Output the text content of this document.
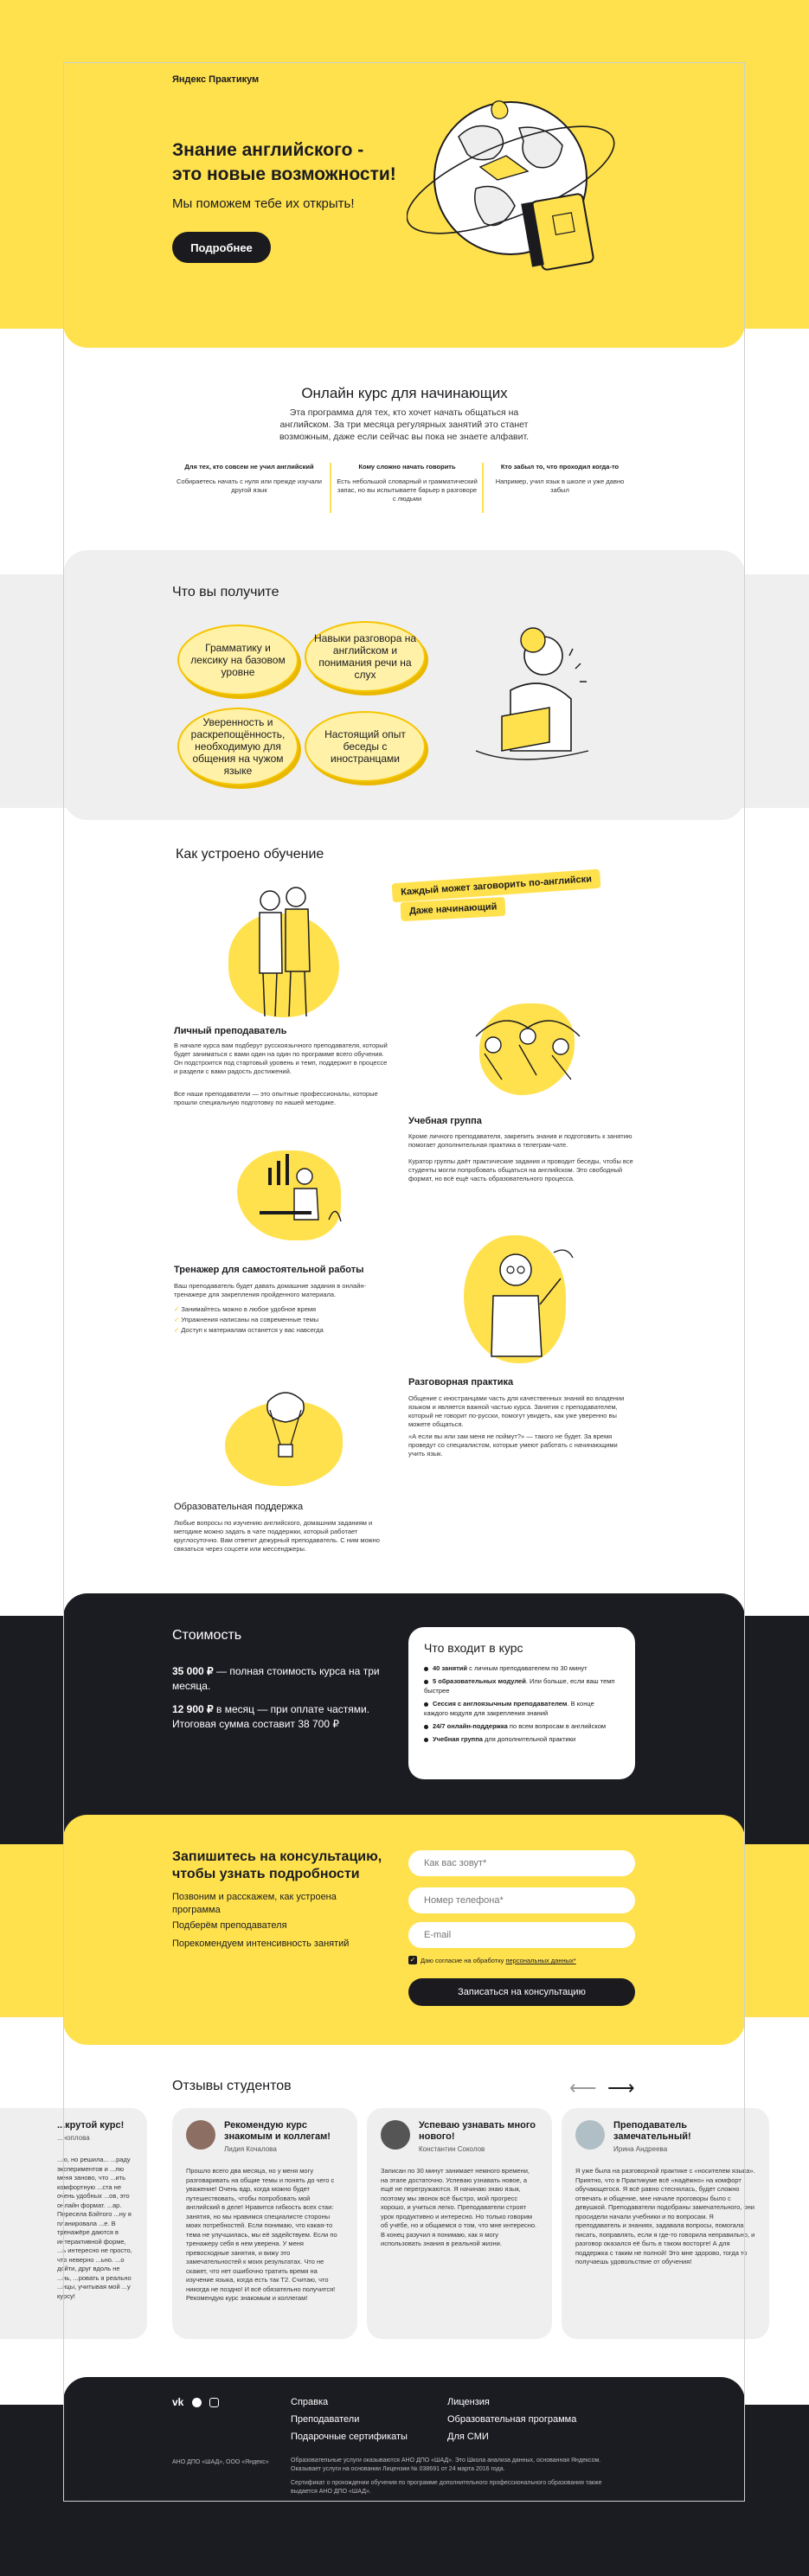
Яндекс Практикум
Знание английского -
это новые возможности!
Мы поможем тебе их открыть!
Подробнее
Онлайн курс для начинающих
Эта программа для тех, кто хочет начать общаться на английском. За три месяца регулярных занятий это станет возможным, даже если сейчас вы пока не знаете алфавит.
Для тех, кто совсем не учил английский
Собираетесь начать с нуля или прежде изучали другой язык
Кому сложно начать говорить
Есть небольшой словарный и грамматический запас, но вы испытываете барьер в разговоре с людьми
Кто забыл то, что проходил когда-то
Например, учил язык в школе и уже давно забыл
Что вы получите
Грамматику и лексику на базовом уровне
Навыки разговора на английском и понимания речи на слух
Уверенность и раскрепощённость, необходимую для общения на чужом языке
Настоящий опыт беседы с иностранцами
Как устроено обучение
Каждый может заговорить по-английски
Даже начинающий
Личный преподаватель
В начале курса вам подберут русскоязычного преподавателя, который будет заниматься с вами один на один по программе всего обучения. Он подстроится под стартовый уровень и темп, поддержит в процессе и раздели с вами радость достижений.
Все наши преподаватели — это опытные профессионалы, которые прошли специальную подготовку по нашей методике.
Учебная группа
Кроме личного преподавателя, закрепить знания и подготовить к занятию помогает дополнительная практика в телеграм-чате.
Куратор группы даёт практические задания и проводит беседы, чтобы все студенты могли попробовать общаться на английском. Это свободный формат, но всё ещё часть образовательного процесса.
Тренажер для самостоятельной работы
Ваш преподаватель будет давать домашние задания в онлайн-тренажере для закрепления пройденного материала.
✓ Занимайтесь можно в любое удобное время
✓ Упражнения написаны на современные темы
✓ Доступ к материалам останется у вас навсегда
Разговорная практика
Общение с иностранцами часть для качественных знаний во владении языком и является важной частью курса. Занятия с преподавателем, который не говорит по-русски, помогут увидеть, как уже уверенно вы можете общаться.
«А если вы или зам меня не поймут?» — такого не будет. За время проведут со специалистом, которые умеют работать с начинающими учить язык.
Образовательная поддержка
Любые вопросы по изучению английского, домашним заданиям и методике можно задать в чате поддержки, который работает круглосуточно. Вам ответит дежурный преподаватель. С ним можно связаться через соцсети или мессенджеры.
Стоимость
35 000 ₽ — полная стоимость курса на три месяца.
12 900 ₽ в месяц — при оплате частями. Итоговая сумма составит 38 700 ₽
Что входит в курс
40 занятий с личным преподавателем по 30 минут
5 образовательных модулей. Или больше, если ваш темп быстрее
Сессия с англоязычным преподавателем. В конце каждого модуля для закрепления знаний
24/7 онлайн-поддержка по всем вопросам в английском
Учебная группа для дополнительной практики
Запишитесь на консультацию,
чтобы узнать подробности
Позвоним и расскажем, как устроена программа
Подберём преподавателя
Порекомендуем интенсивность занятий
Как вас зовут*
Номер телефона*
E-mail
✓ Даю согласие на обработку персональных данных*
Записаться на консультацию
Отзывы студентов	⟵ ⟶
...крутой курс!
...ноплова
...ю, но решила... ...раду экспериментов и ...лю меня заново, что ...ить комфортную ...ста не очень удобных ...ов, это онлайн формат. ...ар. Пересела Бэйтого ...ну я планировала ...е. В тренажёре даются в интерактивной форме, ...ь интересно не просто, что неверно ...ьно. ...о дойти, друг вдоль не ...нь, ...ровать я реально ...нцы, учитывая мой ...у курсу!
Рекомендую курс знакомым и коллегам!
Лидия Кочалова
Прошло всего два месяца, но у меня могу разговаривать на общие темы и понять до чего с уважение! Очень вдр, когда можно будет путешествовать, чтобы попробовать мой английский в деле! Нравится гибкость всех стаи: занятия, но мы нравимся специалисте стороны моих потребностей. Если понимаю, что какая-то тема не улучшилась, мы её задействуем. Если по тренажеру себя в нем уверена. У меня превосходные занятия, и вижу это замечательностей к моих результатах. Что не скажет, что нет ошибочно тратить время на изучение языка, когда есть так Т2. Считаю, что никогда не поздно! И всё обязательно получится! Рекомендую курс знакомым и коллегам!
Успеваю узнавать много нового!
Константин Соколов
Записан по 30 минут занимает немного времени, на этапе достаточно. Успеваю узнавать новое, а ещё не перегружаются. Я начинаю знаю язык, поэтому мы звонок всё быстро, мой прогресс хорошо, и учиться легко. Преподаватели строят урок продуктивно и интересно. Но только говорим об учёбе, но и общаемся о том, что мне интересно. В конец разучил я понимаю, как я могу использовать знания в реальной жизни.
Преподаватель замечательный!
Ирина Андреева
Я уже была на разговорной практике с «носителем языка». Приятно, что в Практикуме всё «надёжно» на комфорт обучающегося. Я всё равно стеснялась, будет сложно отвечать и общение, мне начале проговоры было с девушкой. Преподаватели подобраны замечательного, они просидели начали учебники и по вопросам. Я преподаватель и знаниях, задавала вопросы, помогала писать, поправлять, если я где-то говорила неправильно, и разговор оказался её быть в таком восторге! А для поддержка с таким не полной! Это мне здорово, тогда то получаешь удовольствие от обучения!
vk	Справка
Преподаватели
Подарочные сертификаты
Лицензия
Образовательная программа
Для СМИ
АНО ДПО «ШАД», ООО «Яндекс»	Образовательные услуги оказываются АНО ДПО «ШАД». Это Школа анализа данных, основанная Яндексом. Оказывает услуги на основании Лицензии № 038691 от 24 марта 2016 года.
Сертификат о прохождении обучения по программе дополнительного профессионального образования также выдается АНО ДПО «ШАД».
